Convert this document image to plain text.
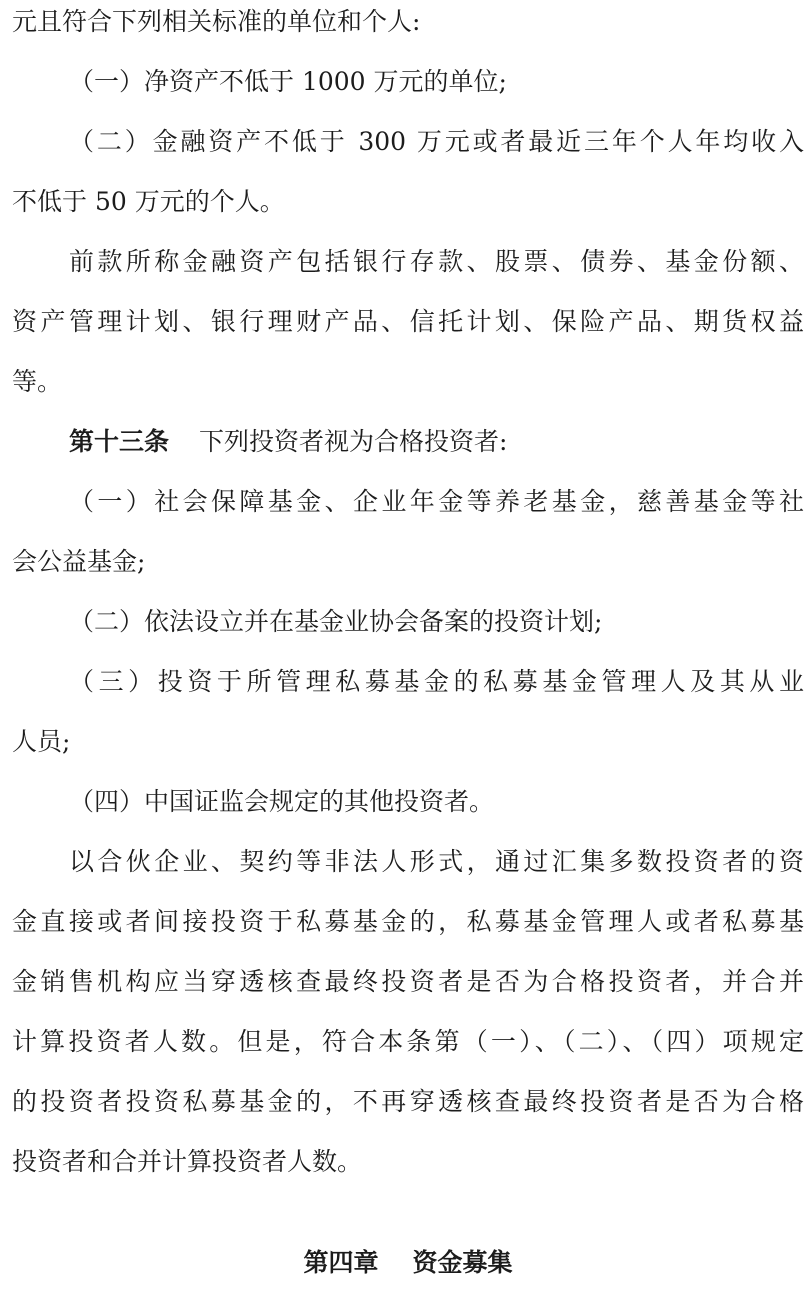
元且符合下列相关标准的单位和个人:
（一）净资产不低于 1000 万元的单位;
（二）金融资产不低于 300 万元或者最近三年个人年均收入
不低于 50 万元的个人。
前款所称金融资产包括银行存款、股票、债券、基金份额、
资产管理计划、银行理财产品、信托计划、保险产品、期货权益
等。
第十三条 下列投资者视为合格投资者:
（一）社会保障基金、企业年金等养老基金，慈善基金等社
会公益基金;
（二）依法设立并在基金业协会备案的投资计划;
（三）投资于所管理私募基金的私募基金管理人及其从业
人员;
（四）中国证监会规定的其他投资者。
以合伙企业、契约等非法人形式，通过汇集多数投资者的资
金直接或者间接投资于私募基金的，私募基金管理人或者私募基
金销售机构应当穿透核查最终投资者是否为合格投资者，并合并
计算投资者人数。但是，符合本条第（一）、（二）、（四）项规定
的投资者投资私募基金的，不再穿透核查最终投资者是否为合格
投资者和合并计算投资者人数。
第四章 资金募集
